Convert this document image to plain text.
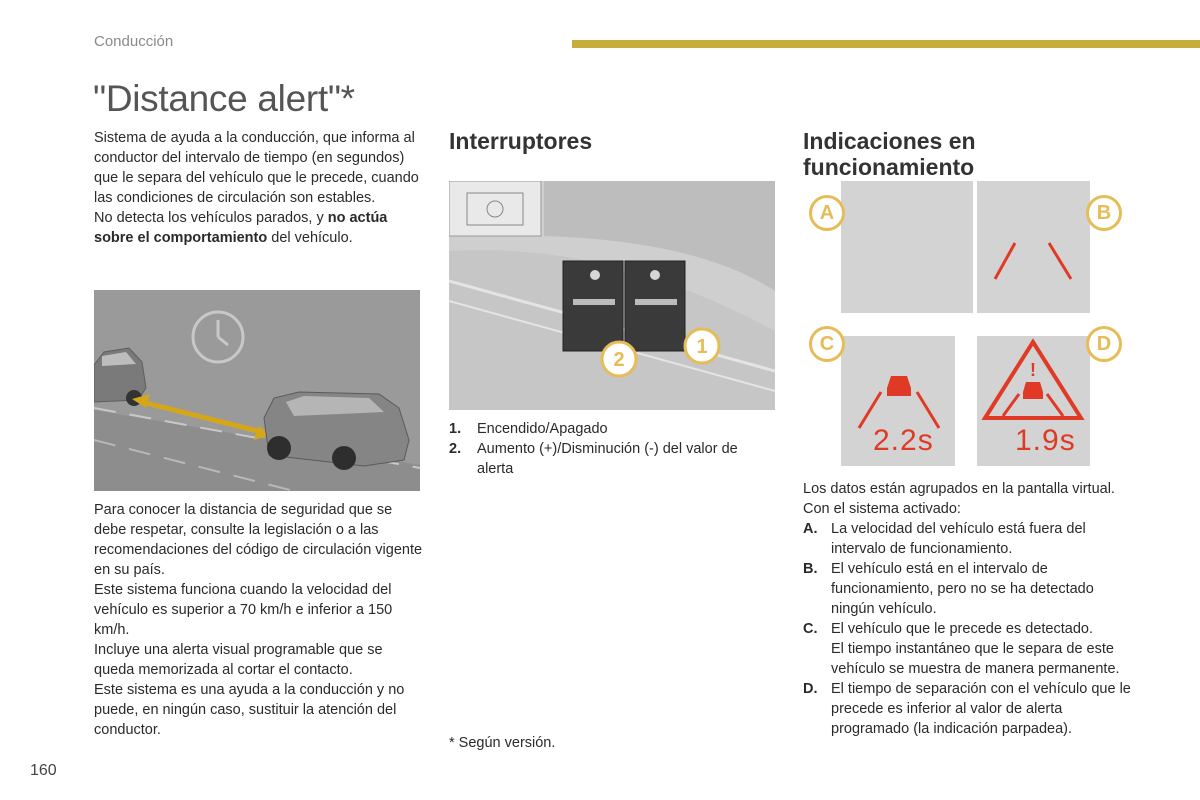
Conducción
"Distance alert"*

Sistema de ayuda a la conducción, que informa al conductor del intervalo de tiempo (en segundos) que le separa del vehículo que le precede, cuando las condiciones de circulación son estables.

No detecta los vehículos parados, y no actúa sobre el comportamiento del vehículo.

Para conocer la distancia de seguridad que se debe respetar, consulte la legislación o a las recomendaciones del código de circulación vigente en su país.

Este sistema funciona cuando la velocidad del vehículo es superior a 70 km/h e inferior a 150 km/h.

Incluye una alerta visual programable que se queda memorizada al cortar el contacto.

Este sistema es una ayuda a la conducción y no puede, en ningún caso, sustituir la atención del conductor.

Interruptores
2
1
1.	Encendido/Apagado
2.	Aumento (+)/Disminución (-) del valor de alerta
* Según versión.
Indicaciones en funcionamiento
A	B
2.2s
C
!
1.9s
D

Los datos están agrupados en la pantalla virtual.

Con el sistema activado:

A. La velocidad del vehículo está fuera del intervalo de funcionamiento.
B. El vehículo está en el intervalo de funcionamiento, pero no se ha detectado ningún vehículo.
C. El vehículo que le precede es detectado.
El tiempo instantáneo que le separa de este vehículo se muestra de manera permanente.
D. El tiempo de separación con el vehículo que le precede es inferior al valor de alerta programado (la indicación parpadea).
160
